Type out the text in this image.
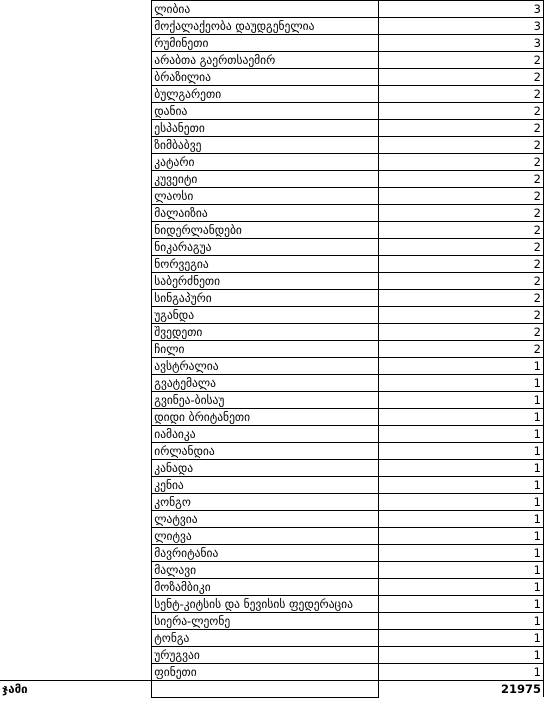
	ლიბია	3
	მოქალაქეობა დაუდგენელია	3
	რუმინეთი	3
	არაბთა გაერთსაემირ	2
	ბრაზილია	2
	ბულგარეთი	2
	დანია	2
	ესპანეთი	2
	ზიმბაბვე	2
	კატარი	2
	კუვეიტი	2
	ლაოსი	2
	მალაიზია	2
	ნიდერლანდები	2
	ნიკარაგუა	2
	ნორვეგია	2
	საბერძნეთი	2
	სინგაპური	2
	უგანდა	2
	შვედეთი	2
	ჩილი	2
	ავსტრალია	1
	გვატემალა	1
	გვინეა-ბისაუ	1
	დიდი ბრიტანეთი	1
	იამაიკა	1
	ირლანდია	1
	კანადა	1
	კენია	1
	კონგო	1
	ლატვია	1
	ლიტვა	1
	მავრიტანია	1
	მალავი	1
	მოზამბიკი	1
	სენტ-კიტსის და ნევისის ფედერაცია	1
	სიერა-ლეონე	1
	ტონგა	1
	ურუგვაი	1
	ფინეთი	1
ჯამი		21975
